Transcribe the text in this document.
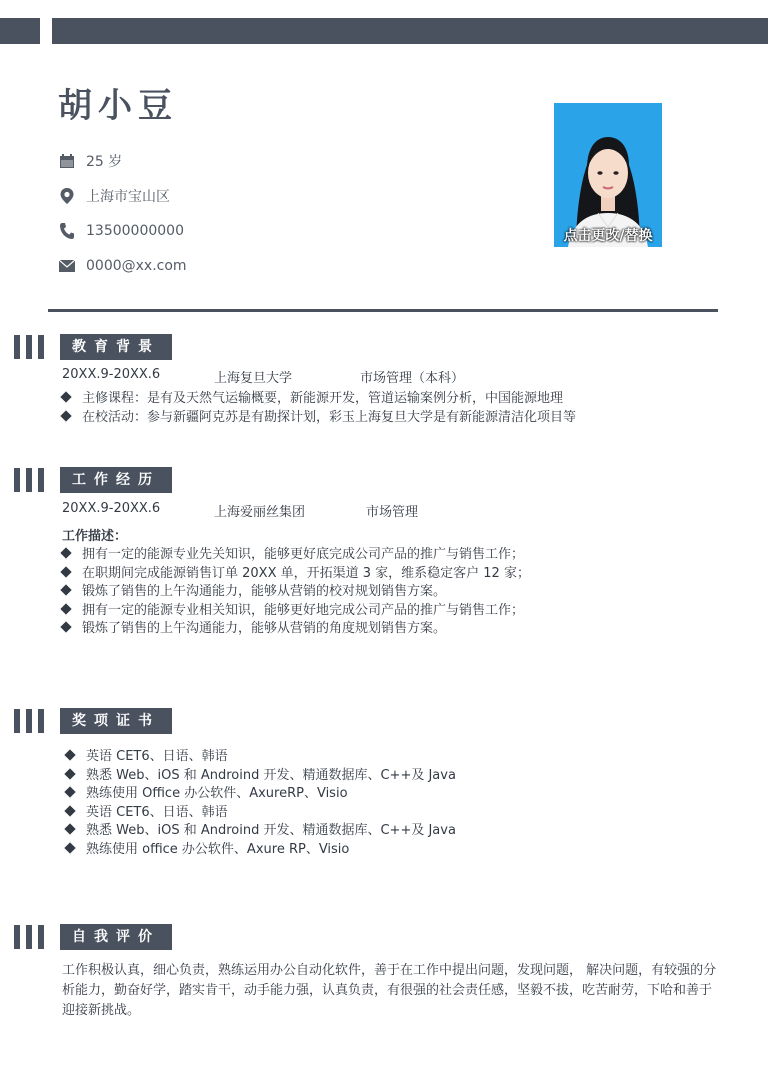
胡小豆
25 岁
上海市宝山区
13500000000
0000@xx.com
点击更改/替换
教育背景
20XX.9-20XX.6	上海复旦大学	市场管理（本科）
主修课程：是有及天然气运输概要，新能源开发，管道运输案例分析，中国能源地理
在校活动：参与新疆阿克苏是有勘探计划，彩玉上海复旦大学是有新能源清洁化项目等
工作经历
20XX.9-20XX.6	上海爱丽丝集团	市场管理
工作描述：
拥有一定的能源专业先关知识，能够更好底完成公司产品的推广与销售工作；
在职期间完成能源销售订单 20XX 单，开拓渠道 3 家，维系稳定客户 12 家；
锻炼了销售的上午沟通能力，能够从营销的校对规划销售方案。
拥有一定的能源专业相关知识，能够更好地完成公司产品的推广与销售工作；
锻炼了销售的上午沟通能力，能够从营销的角度规划销售方案。
奖项证书
英语 CET6、日语、韩语
熟悉 Web、iOS 和 Androind 开发、精通数据库、C++及 Java
熟练使用 Office 办公软件、AxureRP、Visio
英语 CET6、日语、韩语
熟悉 Web、iOS 和 Androind 开发、精通数据库、C++及 Java
熟练使用 office 办公软件、Axure RP、Visio
自我评价
工作积极认真，细心负责，熟练运用办公自动化软件，善于在工作中提出问题，发现问题， 解决问题，有较强的分析能力，勤奋好学，踏实肯干，动手能力强，认真负责，有很强的社会责任感，坚毅不拔，吃苦耐劳，下哈和善于迎接新挑战。
